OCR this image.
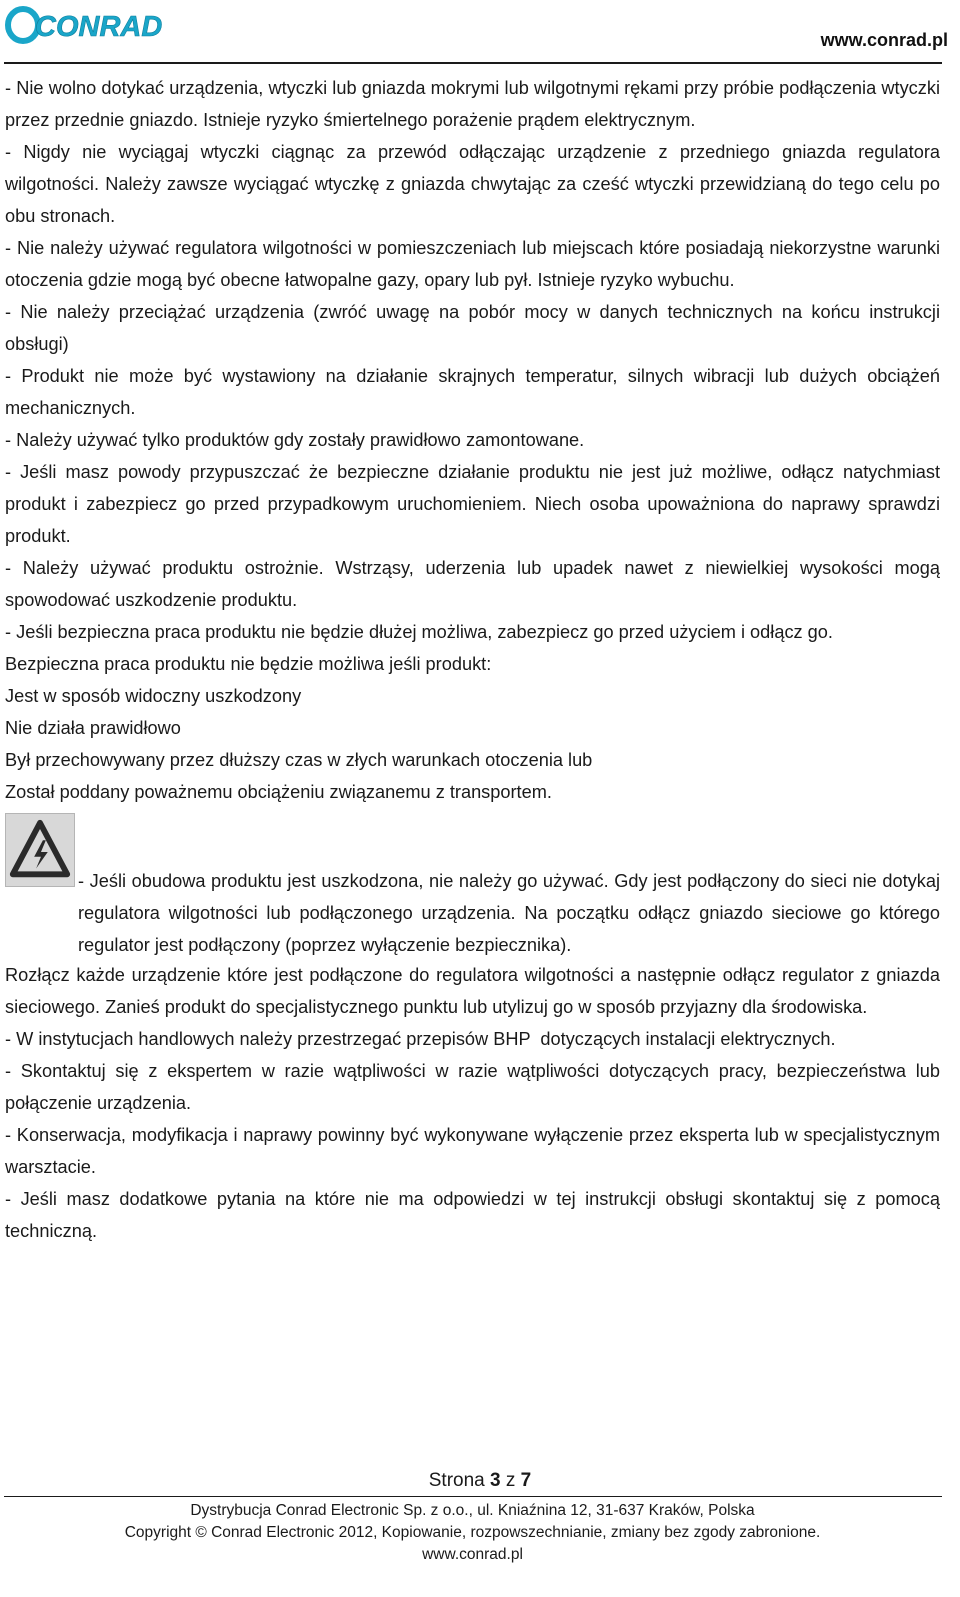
CONRAD	www.conrad.pl

- Nie wolno dotykać urządzenia, wtyczki lub gniazda mokrymi lub wilgotnymi rękami przy próbie podłączenia wtyczki przez przednie gniazdo. Istnieje ryzyko śmiertelnego porażenie prądem elektrycznym.

- Nigdy nie wyciągaj wtyczki ciągnąc za przewód odłączając urządzenie z przedniego gniazda regulatora wilgotności. Należy zawsze wyciągać wtyczkę z gniazda chwytając za cześć wtyczki przewidzianą do tego celu po obu stronach.

- Nie należy używać regulatora wilgotności w pomieszczeniach lub miejscach które posiadają niekorzystne warunki otoczenia gdzie mogą być obecne łatwopalne gazy, opary lub pył. Istnieje ryzyko wybuchu.

- Nie należy przeciążać urządzenia (zwróć uwagę na pobór mocy w danych technicznych na końcu instrukcji obsługi)

- Produkt nie może być wystawiony na działanie skrajnych temperatur, silnych wibracji lub dużych obciążeń mechanicznych.

- Należy używać tylko produktów gdy zostały prawidłowo zamontowane.

- Jeśli masz powody przypuszczać że bezpieczne działanie produktu nie jest już możliwe, odłącz natychmiast produkt i zabezpiecz go przed przypadkowym uruchomieniem. Niech osoba upoważniona do naprawy sprawdzi produkt.

- Należy używać produktu ostrożnie. Wstrząsy, uderzenia lub upadek nawet z niewielkiej wysokości mogą spowodować uszkodzenie produktu.

- Jeśli bezpieczna praca produktu nie będzie dłużej możliwa, zabezpiecz go przed użyciem i odłącz go.

Bezpieczna praca produktu nie będzie możliwa jeśli produkt:

Jest w sposób widoczny uszkodzony

Nie działa prawidłowo

Był przechowywany przez dłuższy czas w złych warunkach otoczenia lub

Został poddany poważnemu obciążeniu związanemu z transportem.

- Jeśli obudowa produktu jest uszkodzona, nie należy go używać. Gdy jest podłączony do sieci nie dotykaj regulatora wilgotności lub podłączonego urządzenia. Na początku odłącz gniazdo sieciowe go którego regulator jest podłączony (poprzez wyłączenie bezpiecznika).

Rozłącz każde urządzenie które jest podłączone do regulatora wilgotności a następnie odłącz regulator z gniazda sieciowego. Zanieś produkt do specjalistycznego punktu lub utylizuj go w sposób przyjazny dla środowiska.

- W instytucjach handlowych należy przestrzegać przepisów BHP  dotyczących instalacji elektrycznych.

- Skontaktuj się z ekspertem w razie wątpliwości w razie wątpliwości dotyczących pracy, bezpieczeństwa lub połączenie urządzenia.

- Konserwacja, modyfikacja i naprawy powinny być wykonywane wyłączenie przez eksperta lub w specjalistycznym warsztacie.

- Jeśli masz dodatkowe pytania na które nie ma odpowiedzi w tej instrukcji obsługi skontaktuj się z pomocą techniczną.

Strona 3 z 7
Dystrybucja Conrad Electronic Sp. z o.o., ul. Kniaźnina 12, 31-637 Kraków, Polska
Copyright © Conrad Electronic 2012, Kopiowanie, rozpowszechnianie, zmiany bez zgody zabronione.
www.conrad.pl
